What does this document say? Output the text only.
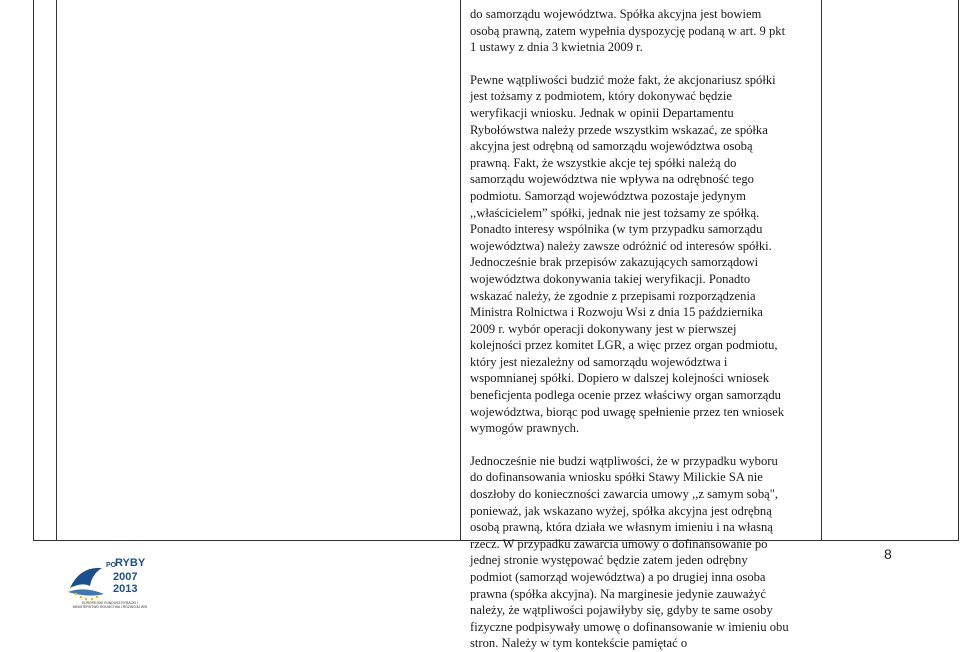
do samorządu województwa. Spółka akcyjna jest bowiem osobą prawną, zatem wypełnia dyspozycję podaną w art. 9 pkt 1 ustawy z dnia 3 kwietnia 2009 r.

Pewne wątpliwości budzić może fakt, że akcjonariusz spółki jest tożsamy z podmiotem, który dokonywać będzie weryfikacji wniosku. Jednak w opinii Departamentu Rybołówstwa należy przede wszystkim wskazać, ze spółka akcyjna jest odrębną od samorządu województwa osobą prawną. Fakt, że wszystkie akcje tej spółki należą do samorządu województwa nie wpływa na odrębność tego podmiotu. Samorząd województwa pozostaje jedynym ,,właścicielem” spółki, jednak nie jest tożsamy ze spółką. Ponadto interesy wspólnika (w tym przypadku samorządu województwa) należy zawsze odróżnić od interesów spółki. Jednocześnie brak przepisów zakazujących samorządowi województwa dokonywania takiej weryfikacji. Ponadto wskazać należy, że zgodnie z przepisami rozporządzenia Ministra Rolnictwa i Rozwoju Wsi z dnia 15 października 2009 r. wybór operacji dokonywany jest w pierwszej kolejności przez komitet LGR, a więc przez organ podmiotu, który jest niezależny od samorządu województwa i wspomnianej spółki. Dopiero w dalszej kolejności wniosek beneficjenta podlega ocenie przez właściwy organ samorządu województwa, biorąc pod uwagę spełnienie przez ten wniosek wymogów prawnych.

Jednocześnie nie budzi wątpliwości, że w przypadku wyboru do dofinansowania wniosku spółki Stawy Milickie SA nie doszłoby do konieczności zawarcia umowy ,,z samym sobą", ponieważ, jak wskazano wyżej, spółka akcyjna jest odrębną osobą prawną, która działa we własnym imieniu i na własną rzecz. W przypadku zawarcia umowy o dofinansowanie po jednej stronie występować będzie zatem jeden odrębny podmiot (samorząd województwa) a po drugiej inna osoba prawna (spółka akcyjna). Na marginesie jedynie zauważyć należy, że wątpliwości pojawiłyby się, gdyby te same osoby fizyczne podpisywały umowę o dofinansowanie w imieniu obu stron. Należy w tym kontekście pamiętać o

8
PO
RYBY
2007
2013
EUROPEJSKI FUNDUSZ RYBACKI I MINISTERSTWO ROLNICTWA I ROZWOJU WSI
